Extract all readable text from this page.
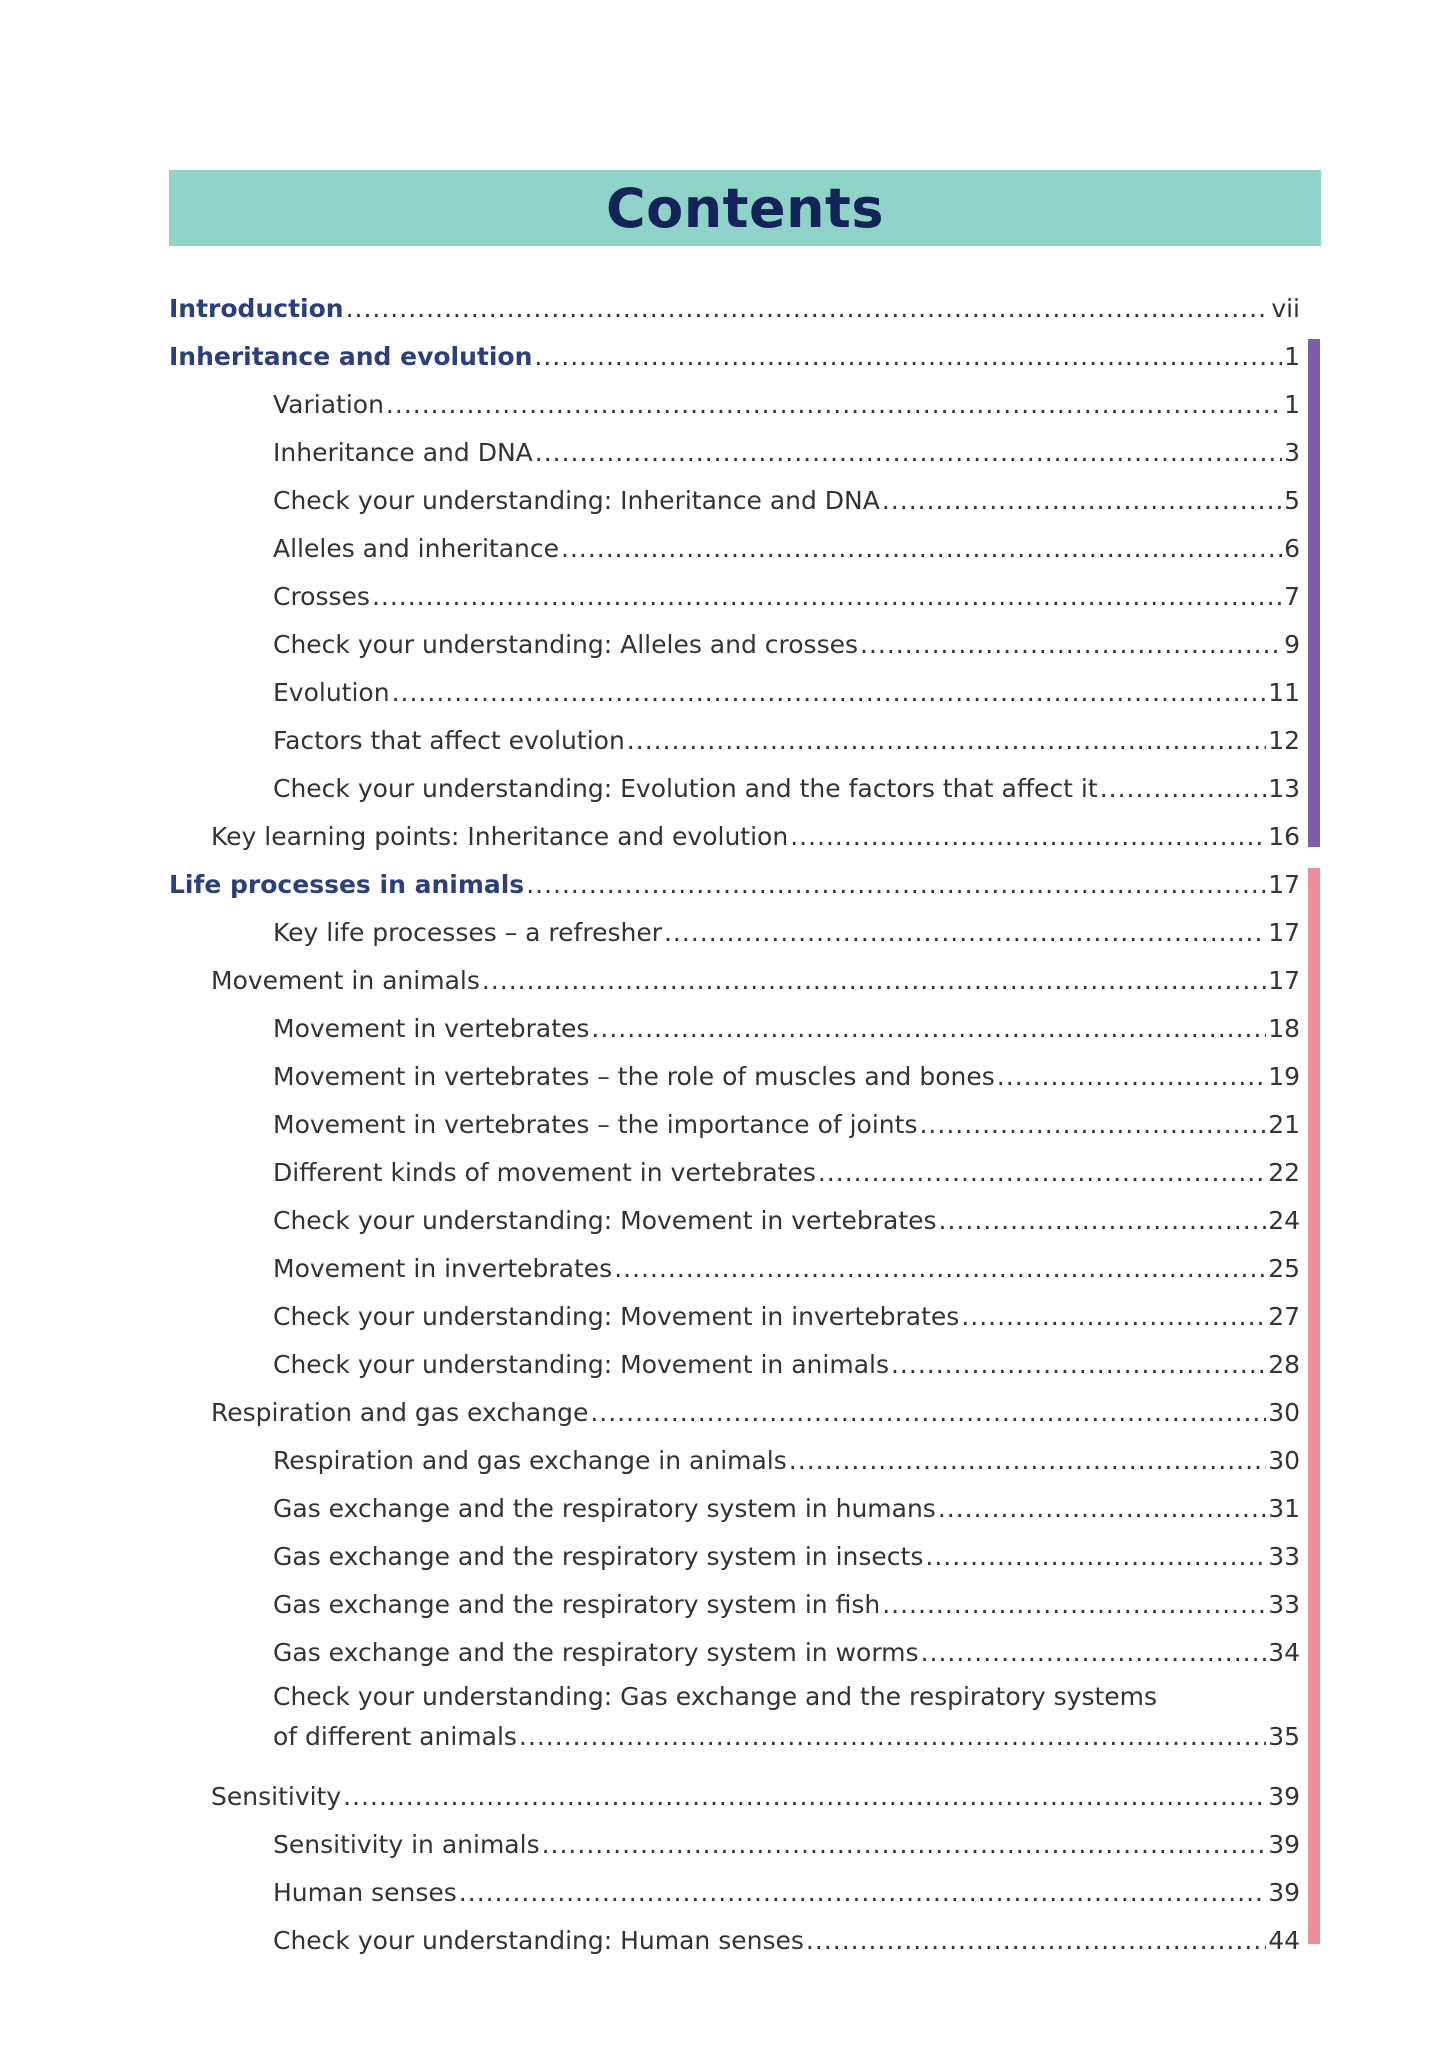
Contents
Introduction .....	vii
Inheritance and evolution .....	1
Variation .....	1
Inheritance and DNA .....	3
Check your understanding: Inheritance and DNA .....	5
Alleles and inheritance .....	6
Crosses .....	7
Check your understanding: Alleles and crosses .....	9
Evolution .....	11
Factors that affect evolution .....	12
Check your understanding: Evolution and the factors that affect it .....	13
Key learning points: Inheritance and evolution .....	16
Life processes in animals .....	17
Key life processes – a refresher .....	17
Movement in animals .....	17
Movement in vertebrates .....	18
Movement in vertebrates – the role of muscles and bones .....	19
Movement in vertebrates – the importance of joints .....	21
Different kinds of movement in vertebrates .....	22
Check your understanding: Movement in vertebrates .....	24
Movement in invertebrates .....	25
Check your understanding: Movement in invertebrates .....	27
Check your understanding: Movement in animals .....	28
Respiration and gas exchange .....	30
Respiration and gas exchange in animals .....	30
Gas exchange and the respiratory system in humans .....	31
Gas exchange and the respiratory system in insects .....	33
Gas exchange and the respiratory system in fish .....	33
Gas exchange and the respiratory system in worms .....	34
Check your understanding: Gas exchange and the respiratory systems
of different animals .....	35
Sensitivity .....	39
Sensitivity in animals .....	39
Human senses .....	39
Check your understanding: Human senses .....	44
